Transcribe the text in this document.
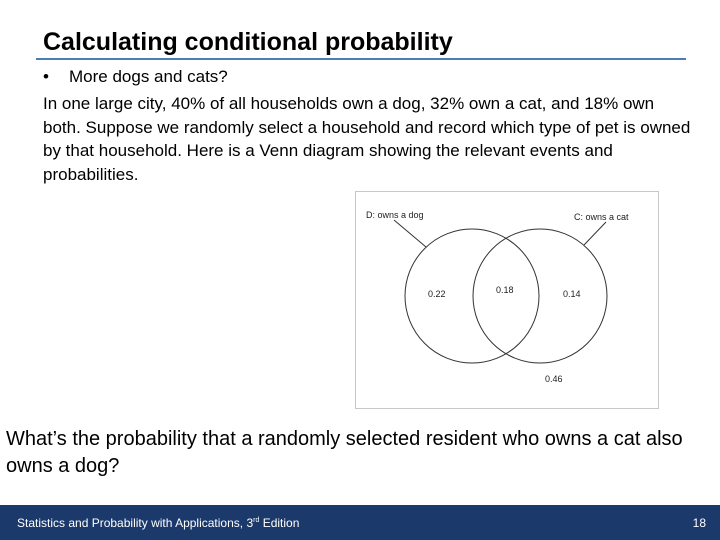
Calculating conditional probability
• More dogs and cats?

In one large city, 40% of all households own a dog, 32% own a cat, and 18% own both. Suppose we randomly select a household and record which type of pet is owned by that household. Here is a Venn diagram showing the relevant events and probabilities.

D: owns a dog	C: owns a cat
0.22	0.18	0.14
0.46

What’s the probability that a randomly selected resident who owns a cat also owns a dog?

Statistics and Probability with Applications, 3rd Edition	18
